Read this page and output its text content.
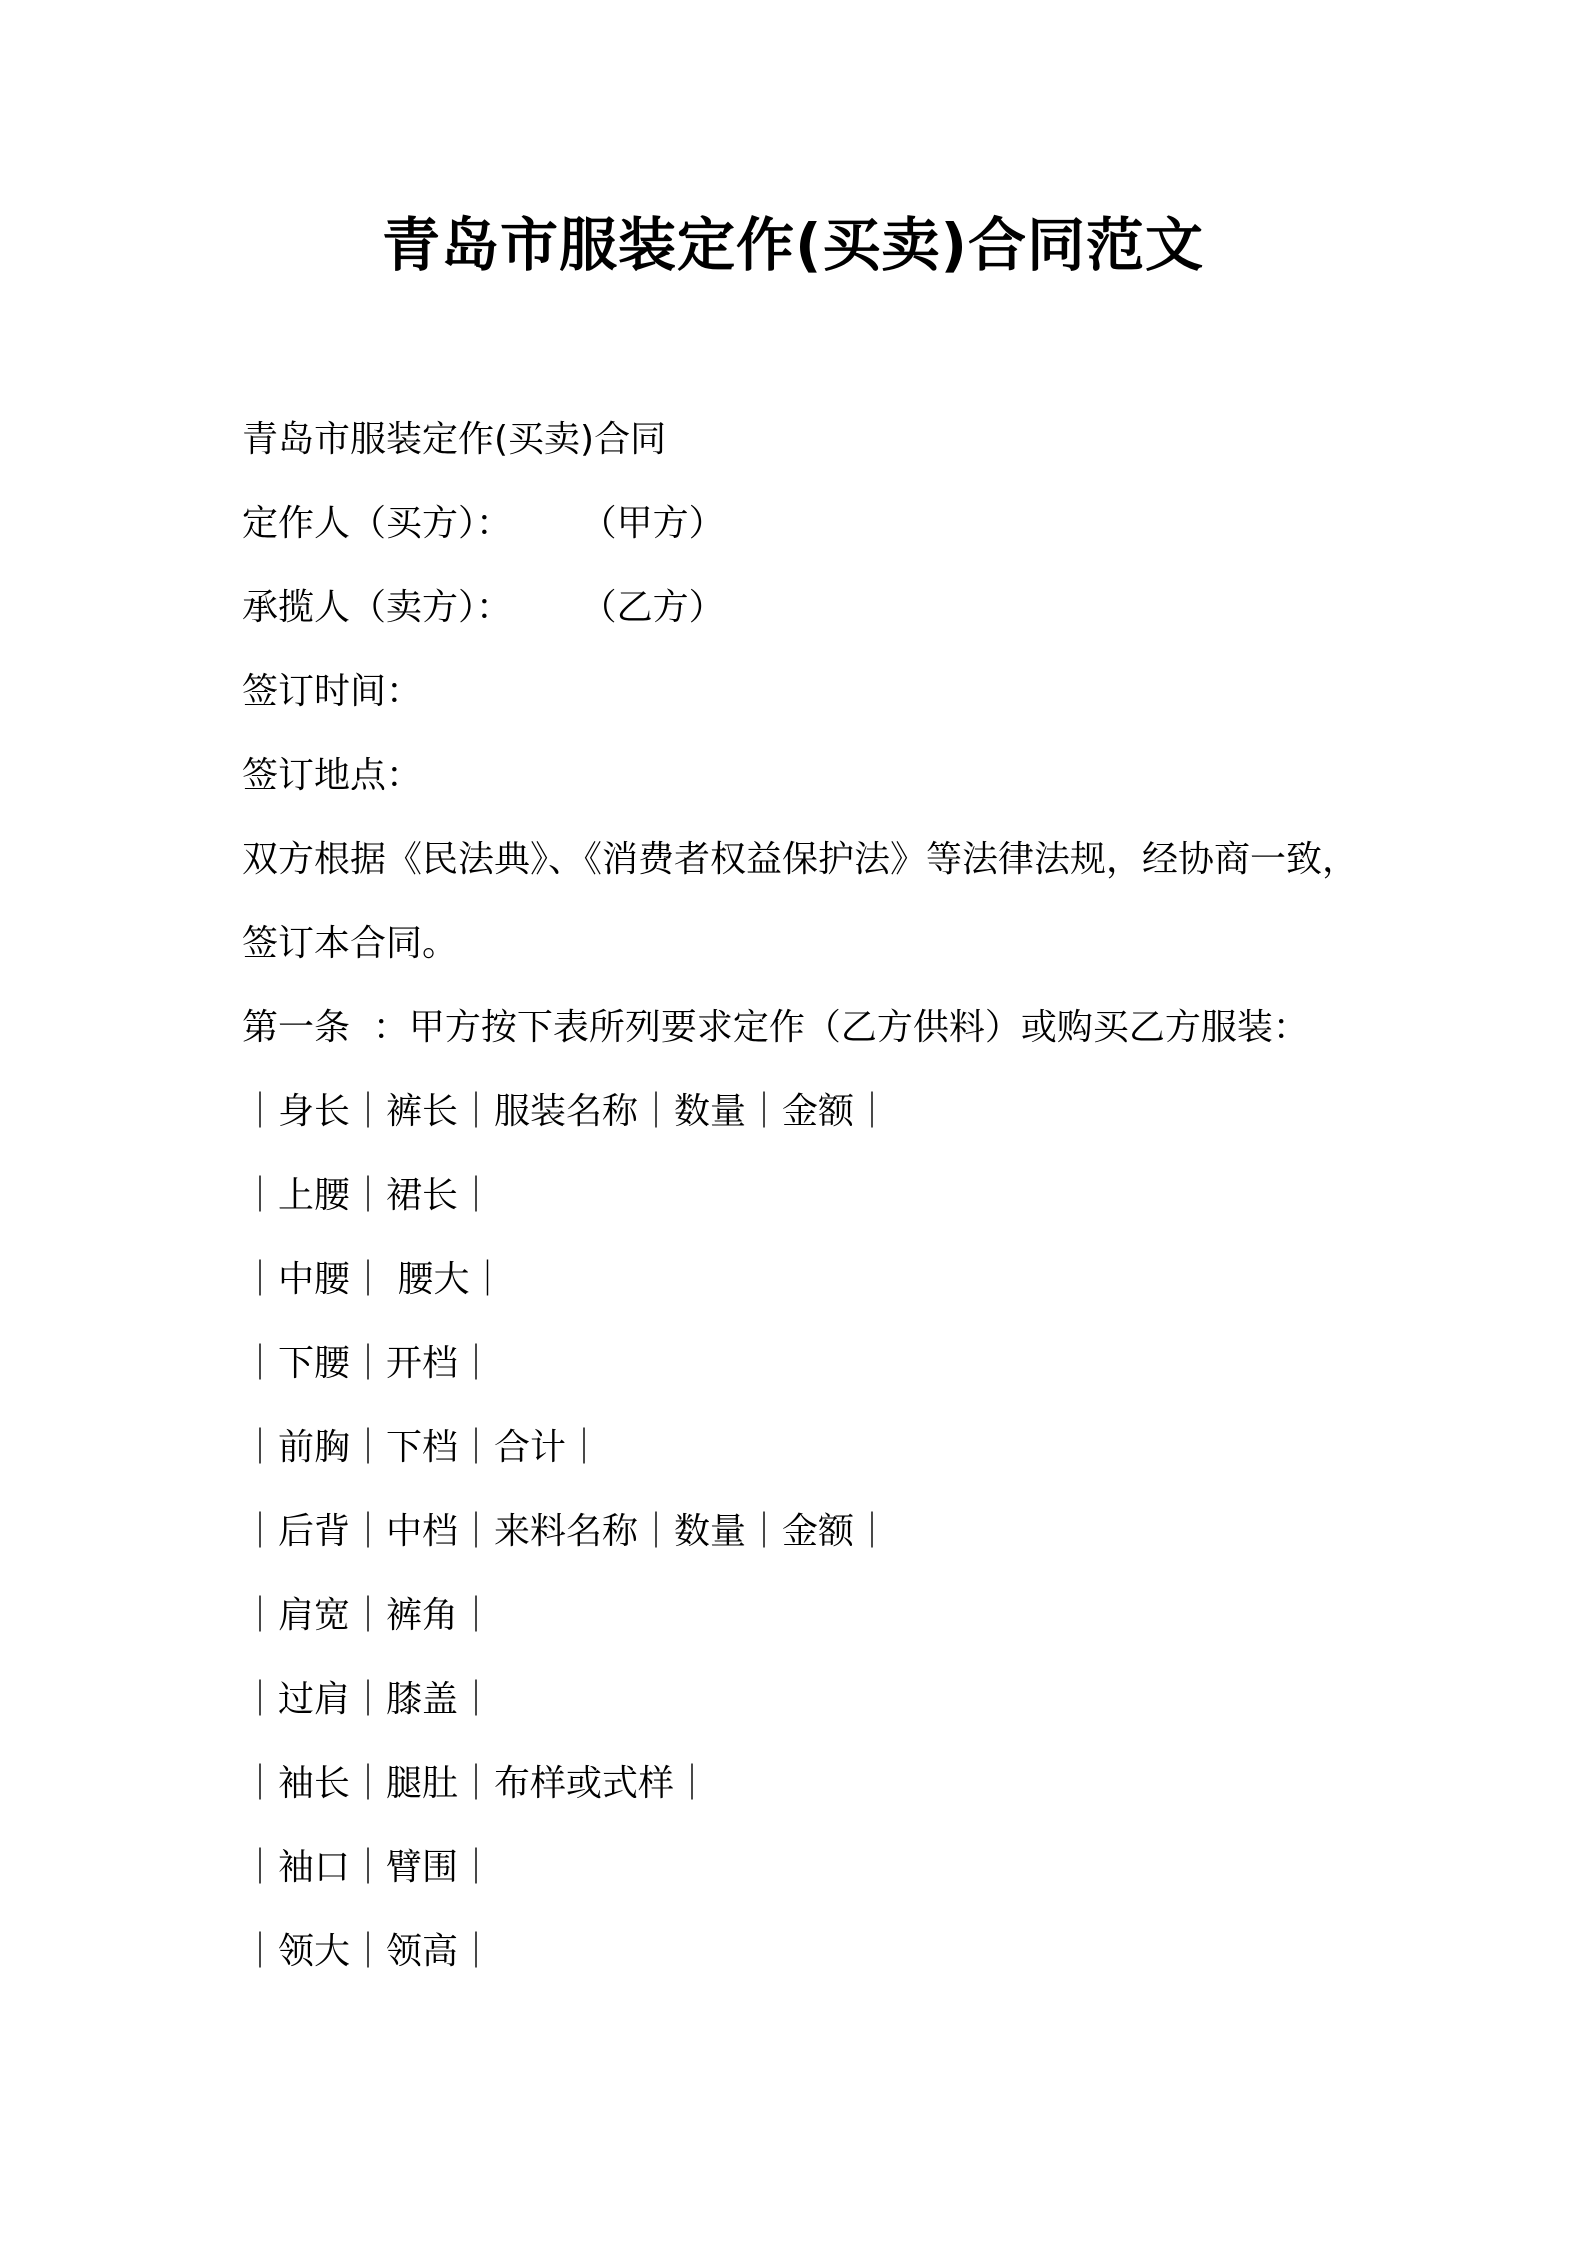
青岛市服装定作(买卖)合同范文

青岛市服装定作(买卖)合同

定作人（买方）：      （甲方）

承揽人（卖方）：      （乙方）

签订时间：

签订地点：

双方根据《民法典》、《消费者权益保护法》等法律法规，经协商一致，

签订本合同。

第一条  ：甲方按下表所列要求定作（乙方供料）或购买乙方服装：

｜身长｜裤长｜服装名称｜数量｜金额｜

｜上腰｜裙长｜

｜中腰｜ 腰大｜

｜下腰｜开档｜

｜前胸｜下档｜合计｜

｜后背｜中档｜来料名称｜数量｜金额｜

｜肩宽｜裤角｜

｜过肩｜膝盖｜

｜袖长｜腿肚｜布样或式样｜

｜袖口｜臂围｜

｜领大｜领高｜
